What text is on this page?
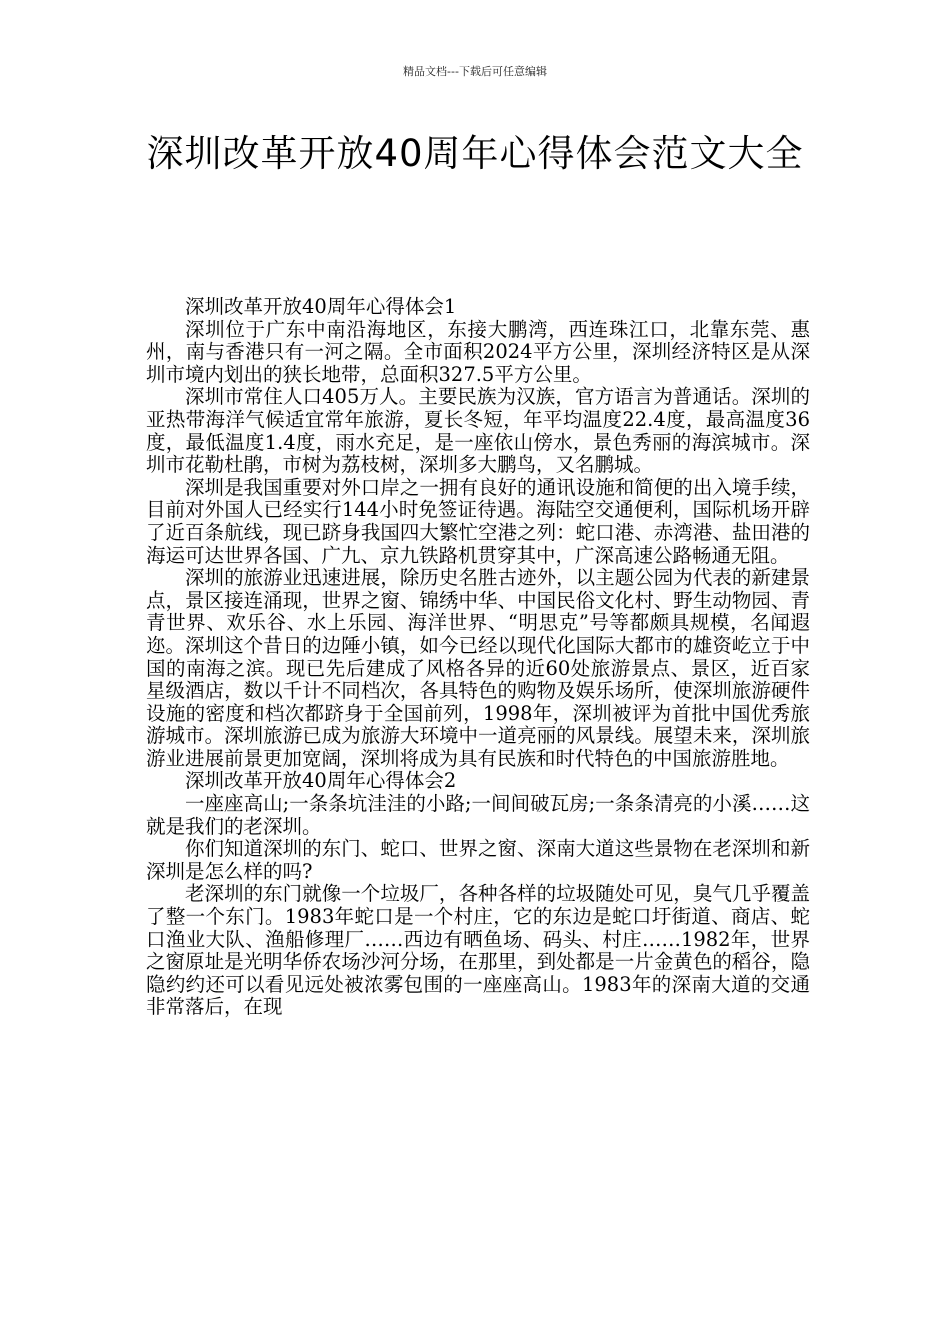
精品文档---下载后可任意编辑
深圳改革开放40周年心得体会范文大全

深圳改革开放40周年心得体会1

深圳位于广东中南沿海地区，东接大鹏湾，西连珠江口，北靠东莞、惠州，南与香港只有一河之隔。全市面积2024平方公里，深圳经济特区是从深圳市境内划出的狭长地带，总面积327.5平方公里。

深圳市常住人口405万人。主要民族为汉族，官方语言为普通话。深圳的亚热带海洋气候适宜常年旅游，夏长冬短，年平均温度22.4度，最高温度36度，最低温度1.4度，雨水充足，是一座依山傍水，景色秀丽的海滨城市。深圳市花勒杜鹃，市树为荔枝树，深圳多大鹏鸟，又名鹏城。

深圳是我国重要对外口岸之一拥有良好的通讯设施和简便的出入境手续，目前对外国人已经实行144小时免签证待遇。海陆空交通便利，国际机场开辟了近百条航线，现已跻身我国四大繁忙空港之列：蛇口港、赤湾港、盐田港的海运可达世界各国、广九、京九铁路机贯穿其中，广深高速公路畅通无阻。

深圳的旅游业迅速进展，除历史名胜古迹外，以主题公园为代表的新建景点，景区接连涌现，世界之窗、锦绣中华、中国民俗文化村、野生动物园、青青世界、欢乐谷、水上乐园、海洋世界、“明思克”号等都颇具规模，名闻遐迩。深圳这个昔日的边陲小镇，如今已经以现代化国际大都市的雄资屹立于中国的南海之滨。现已先后建成了风格各异的近60处旅游景点、景区，近百家星级酒店，数以千计不同档次，各具特色的购物及娱乐场所，使深圳旅游硬件设施的密度和档次都跻身于全国前列，1998年，深圳被评为首批中国优秀旅游城市。深圳旅游已成为旅游大环境中一道亮丽的风景线。展望未来，深圳旅游业进展前景更加宽阔，深圳将成为具有民族和时代特色的中国旅游胜地。

深圳改革开放40周年心得体会2

一座座高山;一条条坑洼洼的小路;一间间破瓦房;一条条清亮的小溪……这就是我们的老深圳。

你们知道深圳的东门、蛇口、世界之窗、深南大道这些景物在老深圳和新深圳是怎么样的吗?

老深圳的东门就像一个垃圾厂，各种各样的垃圾随处可见，臭气几乎覆盖了整一个东门。1983年蛇口是一个村庄，它的东边是蛇口圩街道、商店、蛇口渔业大队、渔船修理厂……西边有晒鱼场、码头、村庄……1982年，世界之窗原址是光明华侨农场沙河分场，在那里，到处都是一片金黄色的稻谷，隐隐约约还可以看见远处被浓雾包围的一座座高山。1983年的深南大道的交通非常落后，在现
